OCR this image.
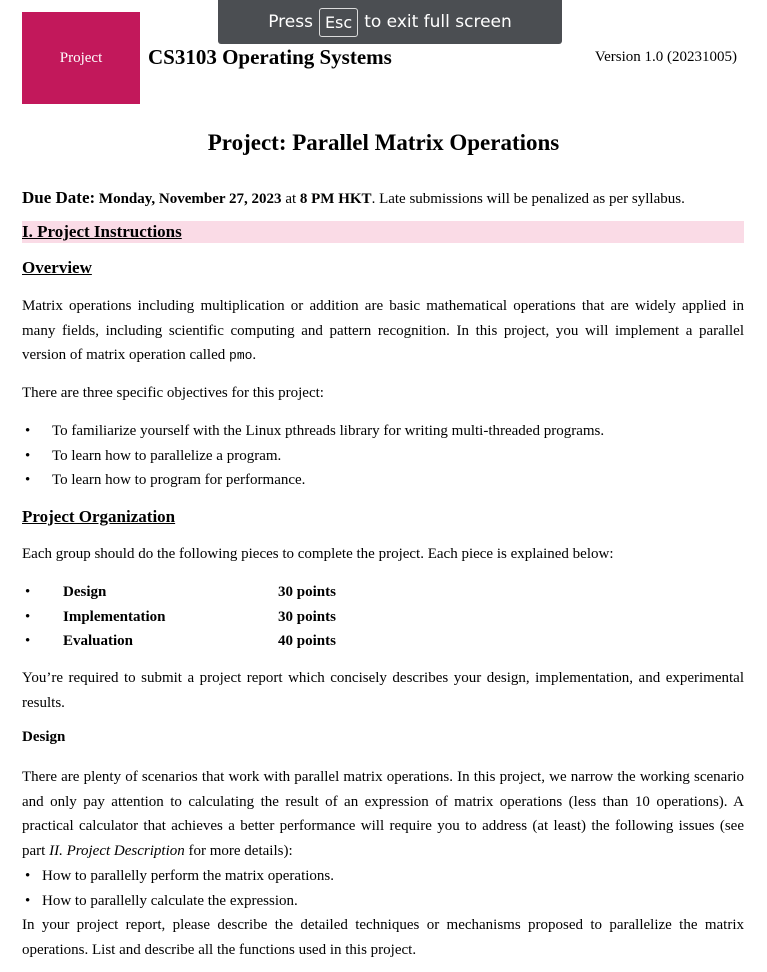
Project CS3103 Operating Systems	Version 1.0 (20231005)
Press Esc to exit full screen
Project: Parallel Matrix Operations
Due Date: Monday, November 27, 2023 at 8 PM HKT. Late submissions will be penalized as per syllabus.
I. Project Instructions
Overview
Matrix operations including multiplication or addition are basic mathematical operations that are widely applied in many fields, including scientific computing and pattern recognition. In this project, you will implement a parallel version of matrix operation called pmo.
There are three specific objectives for this project:
• To familiarize yourself with the Linux pthreads library for writing multi-threaded programs.
• To learn how to parallelize a program.
• To learn how to program for performance.
Project Organization
Each group should do the following pieces to complete the project. Each piece is explained below:
• Design	30 points
• Implementation	30 points
• Evaluation	40 points
You’re required to submit a project report which concisely describes your design, implementation, and experimental results.
Design
There are plenty of scenarios that work with parallel matrix operations. In this project, we narrow the working scenario and only pay attention to calculating the result of an expression of matrix operations (less than 10 operations). A practical calculator that achieves a better performance will require you to address (at least) the following issues (see part II. Project Description for more details):
• How to parallelly perform the matrix operations.
• How to parallelly calculate the expression.
In your project report, please describe the detailed techniques or mechanisms proposed to parallelize the matrix operations. List and describe all the functions used in this project.
